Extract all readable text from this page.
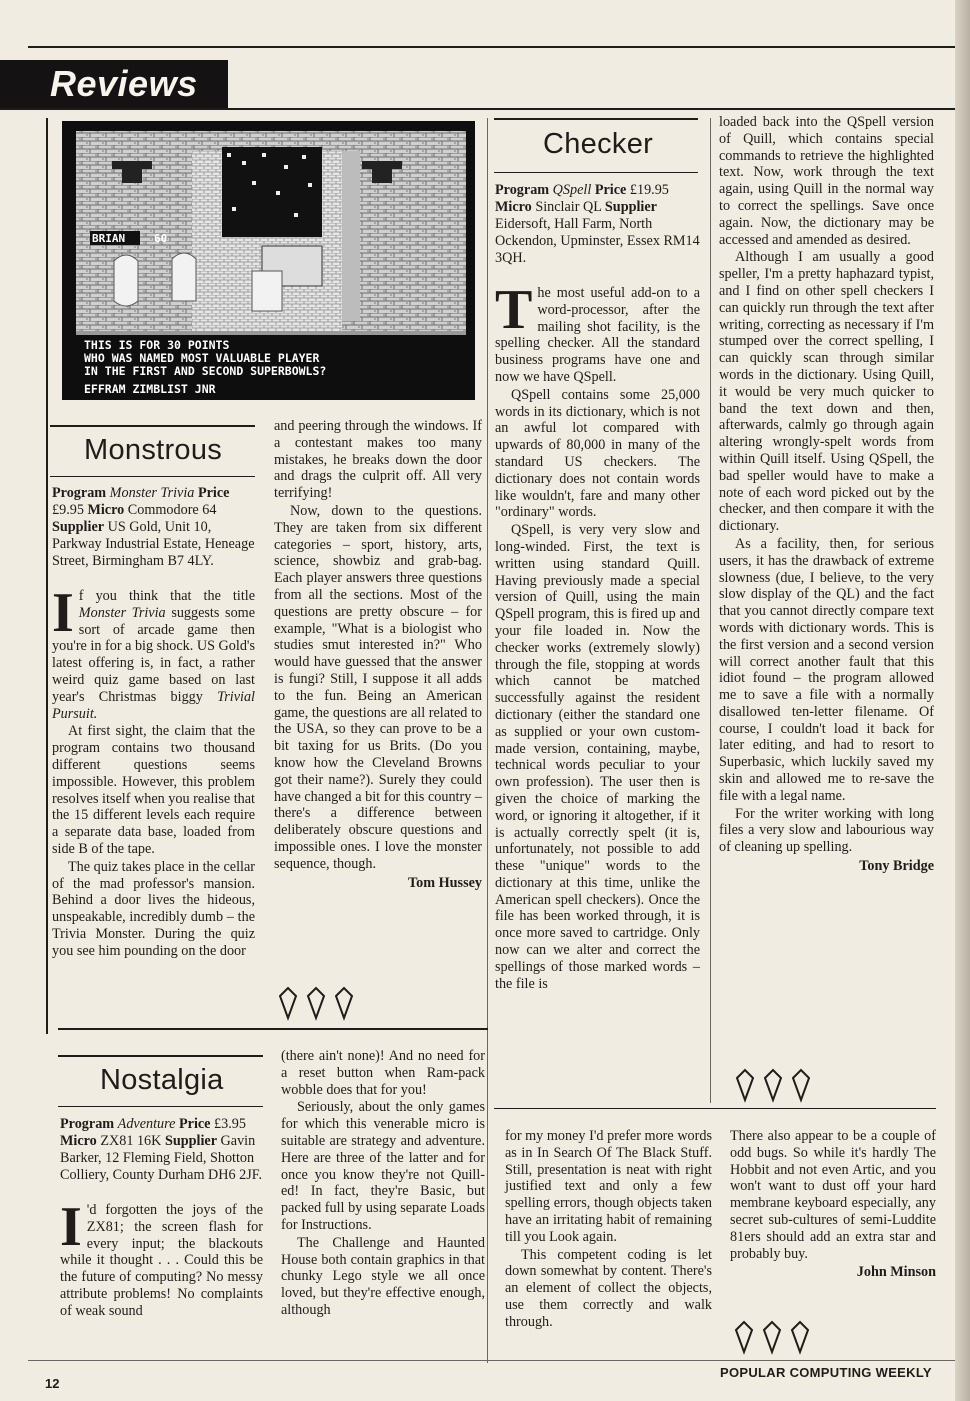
Reviews
BRIAN	60
THIS IS FOR 30 POINTS
WHO WAS NAMED MOST VALUABLE PLAYER
IN THE FIRST AND SECOND SUPERBOWLS?
EFFRAM ZIMBLIST JNR
Monstrous

Program Monster Trivia Price £9.95 Micro Commodore 64 Supplier US Gold, Unit 10, Parkway Industrial Estate, Heneage Street, Birmingham B7 4LY.

If you think that the title Monster Trivia suggests some sort of arcade game then you're in for a big shock. US Gold's latest offering is, in fact, a rather weird quiz game based on last year's Christmas biggy Trivial Pursuit.

At first sight, the claim that the program contains two thousand different questions seems impossible. However, this problem resolves itself when you realise that the 15 different levels each require a separate data base, loaded from side B of the tape.

The quiz takes place in the cellar of the mad professor's mansion. Behind a door lives the hideous, unspeakable, incredibly dumb – the Trivia Monster. During the quiz you see him pounding on the door

and peering through the windows. If a contestant makes too many mistakes, he breaks down the door and drags the culprit off. All very terrifying!

Now, down to the questions. They are taken from six different categories – sport, history, arts, science, showbiz and grab-bag. Each player answers three questions from all the sections. Most of the questions are pretty obscure – for example, "What is a biologist who studies smut interested in?" Who would have guessed that the answer is fungi? Still, I suppose it all adds to the fun. Being an American game, the questions are all related to the USA, so they can prove to be a bit taxing for us Brits. (Do you know how the Cleveland Browns got their name?). Surely they could have changed a bit for this country – there's a difference between deliberately obscure questions and impossible ones. I love the monster sequence, though.

Tom Hussey
Nostalgia

Program Adventure Price £3.95 Micro ZX81 16K Supplier Gavin Barker, 12 Fleming Field, Shotton Colliery, County Durham DH6 2JF.

I 'd forgotten the joys of the ZX81; the screen flash for every input; the blackouts while it thought . . . Could this be the future of computing? No messy attribute problems! No complaints of weak sound

(there ain't none)! And no need for a reset button when Ram-pack wobble does that for you!

Seriously, about the only games for which this venerable micro is suitable are strategy and adventure. Here are three of the latter and for once you know they're not Quill-ed! In fact, they're Basic, but packed full by using separate Loads for Instructions.

The Challenge and Haunted House both contain graphics in that chunky Lego style we all once loved, but they're effective enough, although

for my money I'd prefer more words as in In Search Of The Black Stuff. Still, presentation is neat with right justified text and only a few spelling errors, though objects taken have an irritating habit of remaining till you Look again.

This competent coding is let down somewhat by content. There's an element of collect the objects, use them correctly and walk through.

There also appear to be a couple of odd bugs. So while it's hardly The Hobbit and not even Artic, and you won't want to dust off your hard membrane keyboard especially, any secret sub-cultures of semi-Luddite 81ers should add an extra star and probably buy.

John Minson
Checker

Program QSpell Price £19.95 Micro Sinclair QL Supplier Eidersoft, Hall Farm, North Ockendon, Upminster, Essex RM14 3QH.

The most useful add-on to a word-processor, after the mailing shot facility, is the spelling checker. All the standard business programs have one and now we have QSpell.

QSpell contains some 25,000 words in its dictionary, which is not an awful lot compared with upwards of 80,000 in many of the standard US checkers. The dictionary does not contain words like wouldn't, fare and many other "ordinary" words.

QSpell, is very very slow and long-winded. First, the text is written using standard Quill. Having previously made a special version of Quill, using the main QSpell program, this is fired up and your file loaded in. Now the checker works (extremely slowly) through the file, stopping at words which cannot be matched successfully against the resident dictionary (either the standard one as supplied or your own custom-made version, containing, maybe, technical words peculiar to your own profession). The user then is given the choice of marking the word, or ignoring it altogether, if it is actually correctly spelt (it is, unfortunately, not possible to add these "unique" words to the dictionary at this time, unlike the American spell checkers). Once the file has been worked through, it is once more saved to cartridge. Only now can we alter and correct the spellings of those marked words – the file is

loaded back into the QSpell version of Quill, which contains special commands to retrieve the highlighted text. Now, work through the text again, using Quill in the normal way to correct the spellings. Save once again. Now, the dictionary may be accessed and amended as desired.

Although I am usually a good speller, I'm a pretty haphazard typist, and I find on other spell checkers I can quickly run through the text after writing, correcting as necessary if I'm stumped over the correct spelling, I can quickly scan through similar words in the dictionary. Using Quill, it would be very much quicker to band the text down and then, afterwards, calmly go through again altering wrongly-spelt words from within Quill itself. Using QSpell, the bad speller would have to make a note of each word picked out by the checker, and then compare it with the dictionary.

As a facility, then, for serious users, it has the drawback of extreme slowness (due, I believe, to the very slow display of the QL) and the fact that you cannot directly compare text words with dictionary words. This is the first version and a second version will correct another fault that this idiot found – the program allowed me to save a file with a normally disallowed ten-letter filename. Of course, I couldn't load it back for later editing, and had to resort to Superbasic, which luckily saved my skin and allowed me to re-save the file with a legal name.

For the writer working with long files a very slow and labourious way of cleaning up spelling.

Tony Bridge
12
POPULAR COMPUTING WEEKLY
